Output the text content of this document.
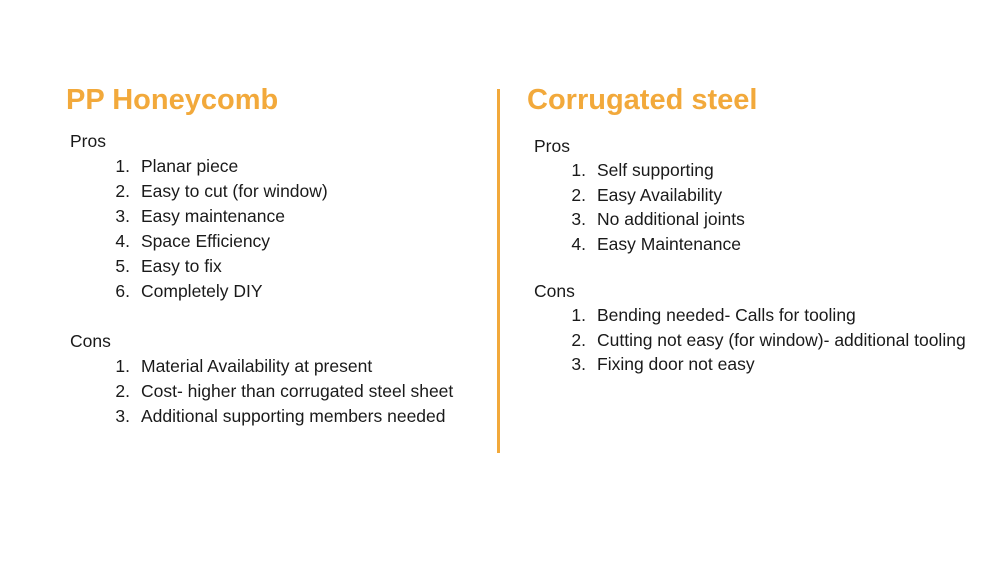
PP Honeycomb
Pros
1. Planar piece
2. Easy to cut (for window)
3. Easy maintenance
4. Space Efficiency
5. Easy to fix
6. Completely DIY
Cons
1. Material Availability at present
2. Cost- higher than corrugated steel sheet
3. Additional supporting members needed
Corrugated steel
Pros
1. Self supporting
2. Easy Availability
3. No additional joints
4. Easy Maintenance
Cons
1. Bending needed- Calls for tooling
2. Cutting not easy (for window)- additional tooling
3. Fixing door not easy
